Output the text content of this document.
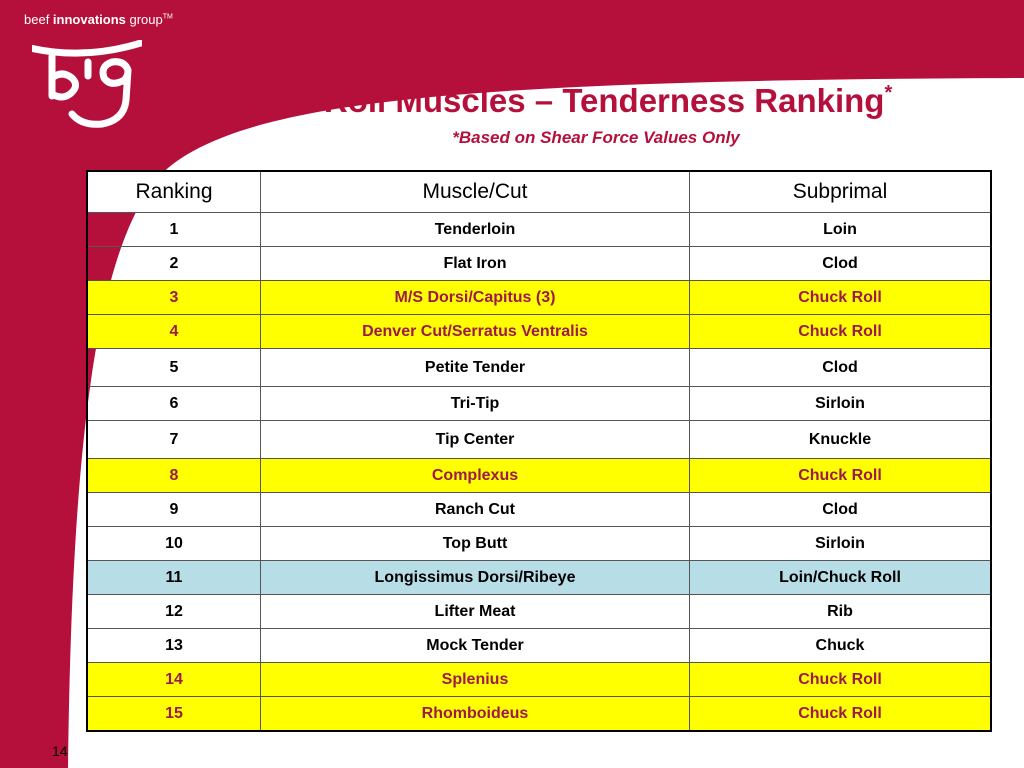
beef innovations group™
C. Roll Muscles – Tenderness Ranking*
*Based on Shear Force Values Only
Ranking	Muscle/Cut	Subprimal
1	Tenderloin	Loin
2	Flat Iron	Clod
3	M/S Dorsi/Capitus (3)	Chuck Roll
4	Denver Cut/Serratus Ventralis	Chuck Roll
5	Petite Tender	Clod
6	Tri-Tip	Sirloin
7	Tip Center	Knuckle
8	Complexus	Chuck Roll
9	Ranch Cut	Clod
10	Top Butt	Sirloin
11	Longissimus Dorsi/Ribeye	Loin/Chuck Roll
12	Lifter Meat	Rib
13	Mock Tender	Chuck
14	Splenius	Chuck Roll
15	Rhomboideus	Chuck Roll
14
